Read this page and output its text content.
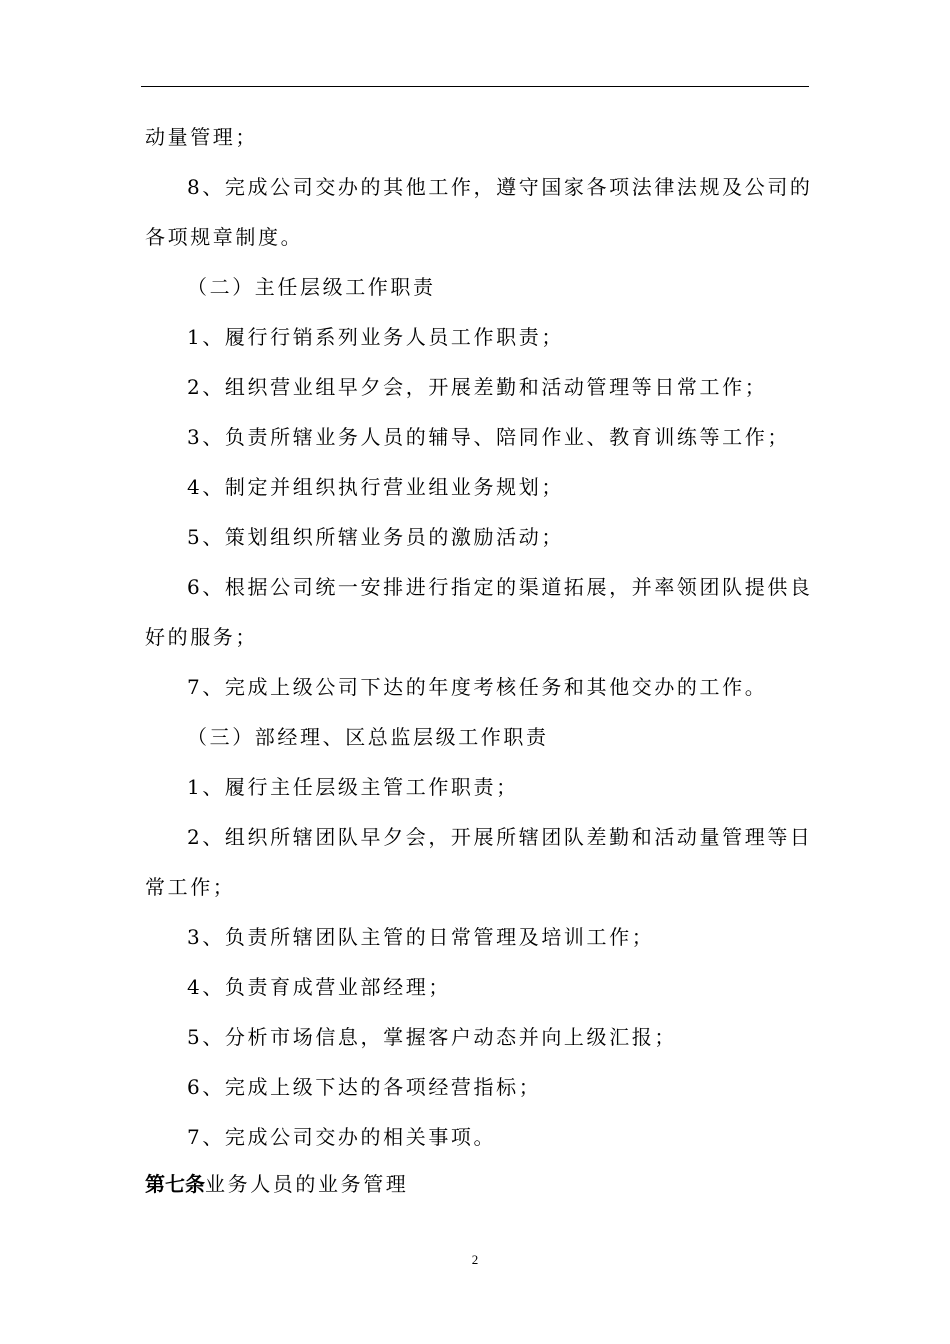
动量管理；
8、完成公司交办的其他工作，遵守国家各项法律法规及公司的
各项规章制度。
（二）主任层级工作职责
1、履行行销系列业务人员工作职责；
2、组织营业组早夕会，开展差勤和活动管理等日常工作；
3、负责所辖业务人员的辅导、陪同作业、教育训练等工作；
4、制定并组织执行营业组业务规划；
5、策划组织所辖业务员的激励活动；
6、根据公司统一安排进行指定的渠道拓展，并率领团队提供良
好的服务；
7、完成上级公司下达的年度考核任务和其他交办的工作。
（三）部经理、区总监层级工作职责
1、履行主任层级主管工作职责；
2、组织所辖团队早夕会，开展所辖团队差勤和活动量管理等日
常工作；
3、负责所辖团队主管的日常管理及培训工作；
4、负责育成营业部经理；
5、分析市场信息，掌握客户动态并向上级汇报；
6、完成上级下达的各项经营指标；
7、完成公司交办的相关事项。
第七条业务人员的业务管理
2
